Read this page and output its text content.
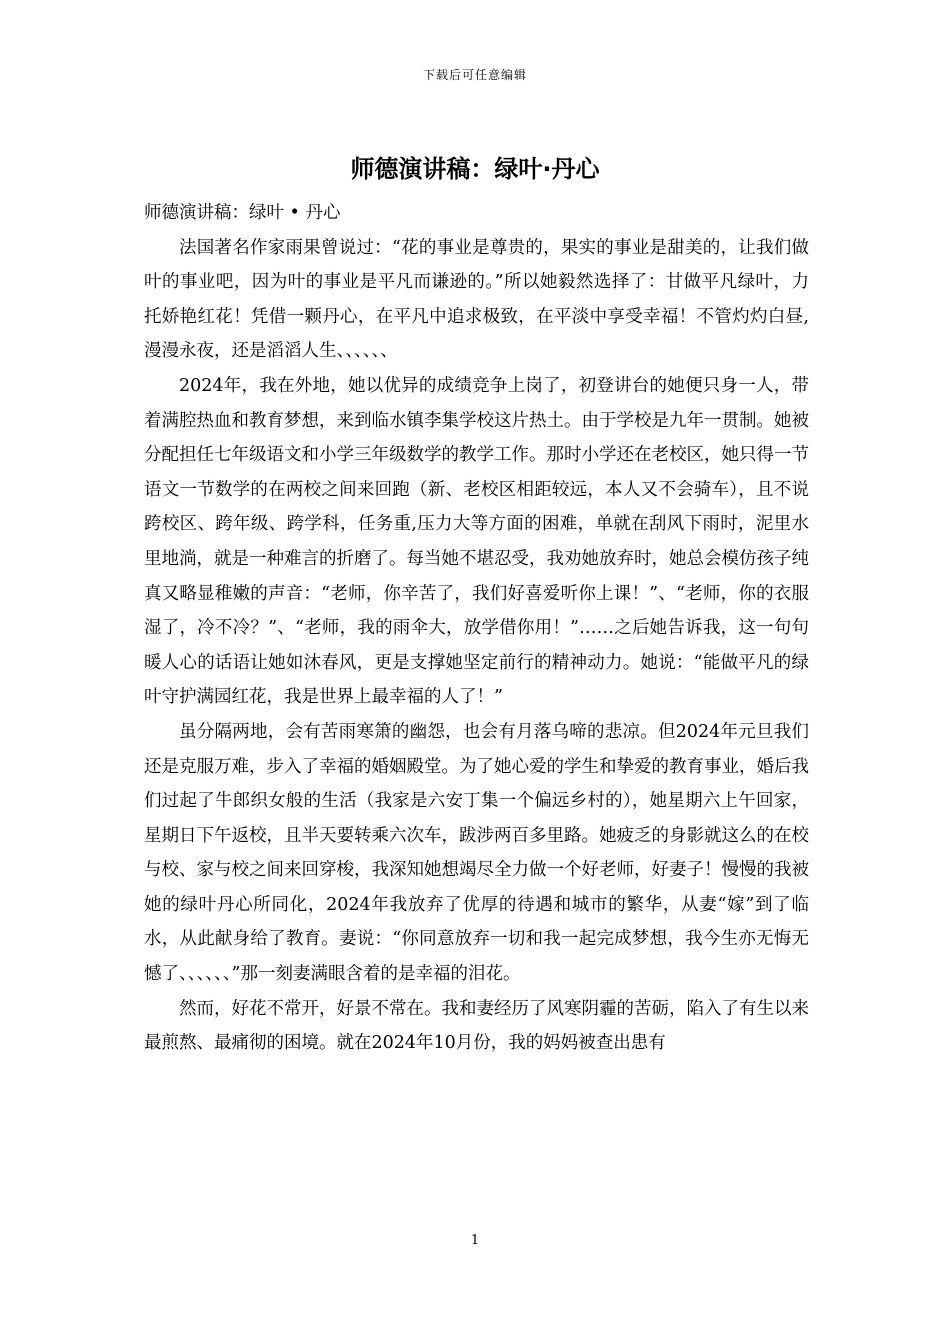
下载后可任意编辑
师德演讲稿：绿叶·丹心

师德演讲稿：绿叶 • 丹心

法国著名作家雨果曾说过：“花的事业是尊贵的，果实的事业是甜美的，让我们做叶的事业吧，因为叶的事业是平凡而谦逊的。”所以她毅然选择了：甘做平凡绿叶，力托娇艳红花！凭借一颗丹心，在平凡中追求极致，在平淡中享受幸福！不管灼灼白昼,漫漫永夜，还是滔滔人生、、、、、、

2024年，我在外地，她以优异的成绩竞争上岗了，初登讲台的她便只身一人，带着满腔热血和教育梦想，来到临水镇李集学校这片热土。由于学校是九年一贯制。她被分配担任七年级语文和小学三年级数学的教学工作。那时小学还在老校区，她只得一节语文一节数学的在两校之间来回跑（新、老校区相距较远，本人又不会骑车），且不说跨校区、跨年级、跨学科，任务重,压力大等方面的困难，单就在刮风下雨时，泥里水里地淌，就是一种难言的折磨了。每当她不堪忍受，我劝她放弃时，她总会模仿孩子纯真又略显稚嫩的声音：“老师，你辛苦了，我们好喜爱听你上课！”、“老师，你的衣服湿了，冷不冷？”、“老师，我的雨伞大，放学借你用！”……之后她告诉我，这一句句暖人心的话语让她如沐春风，更是支撑她坚定前行的精神动力。她说：“能做平凡的绿叶守护满园红花，我是世界上最幸福的人了！”

虽分隔两地，会有苦雨寒箫的幽怨，也会有月落乌啼的悲凉。但2024年元旦我们还是克服万难，步入了幸福的婚姻殿堂。为了她心爱的学生和挚爱的教育事业，婚后我们过起了牛郎织女般的生活（我家是六安丁集一个偏远乡村的），她星期六上午回家，星期日下午返校，且半天要转乘六次车，跋涉两百多里路。她疲乏的身影就这么的在校与校、家与校之间来回穿梭，我深知她想竭尽全力做一个好老师，好妻子！慢慢的我被她的绿叶丹心所同化，2024年我放弃了优厚的待遇和城市的繁华，从妻“嫁”到了临水，从此献身给了教育。妻说：“你同意放弃一切和我一起完成梦想，我今生亦无悔无憾了、、、、、、”那一刻妻满眼含着的是幸福的泪花。

然而，好花不常开，好景不常在。我和妻经历了风寒阴霾的苦砺，陷入了有生以来最煎熬、最痛彻的困境。就在2024年10月份，我的妈妈被查出患有

1
